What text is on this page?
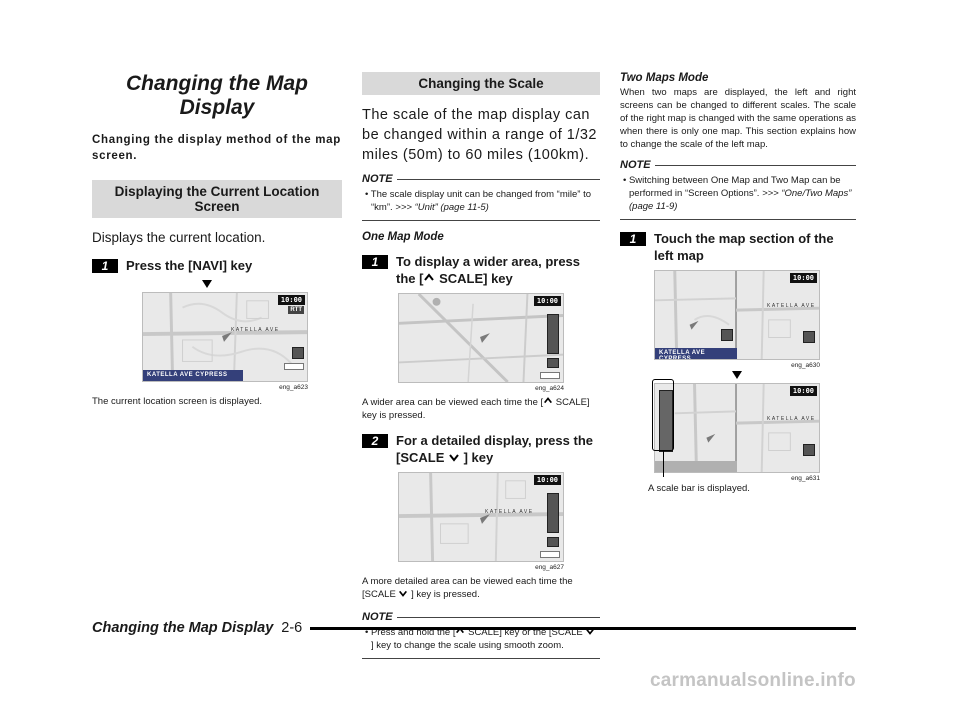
Changing the Map Display
Changing the display method of the map screen.
Displaying the Current Location Screen
Displays the current location.
1	Press the [NAVI] key
KATELLA AVE
10:00
RTT
KATELLA AVE CYPRESS
eng_a623
The current location screen is displayed.
Changing the Scale
The scale of the map display can be changed within a range of 1/32 miles (50m) to 60 miles (100km).
NOTE
• The scale display unit can be changed from “mile” to “km”. >>> “Unit” (page 11-5)
One Map Mode
1	To display a wider area, press the [ SCALE] key
10:00
eng_a624
A wider area can be viewed each time the [ SCALE] key is pressed.
2	For a detailed display, press the [SCALE  ] key
KATELLA AVE
10:00
eng_a627
A more detailed area can be viewed each time the [SCALE  ] key is pressed.
NOTE
• Press and hold the [ SCALE] key or the [SCALE  ] key to change the scale using smooth zoom.
Two Maps Mode
When two maps are displayed, the left and right screens can be changed to different scales. The scale of the right map is changed with the same operations as when there is only one map. This section explains how to change the scale of the left map.
NOTE
• Switching between One Map and Two Map can be performed in “Screen Options”. >>> “One/Two Maps” (page 11-9)
1	Touch the map section of the left map
KATELLA AVE
10:00
KATELLA AVE CYPRESS
eng_a630
KATELLA AVE
10:00
eng_a631
A scale bar is displayed.
Changing the Map Display 2-6
carmanualsonline.info
